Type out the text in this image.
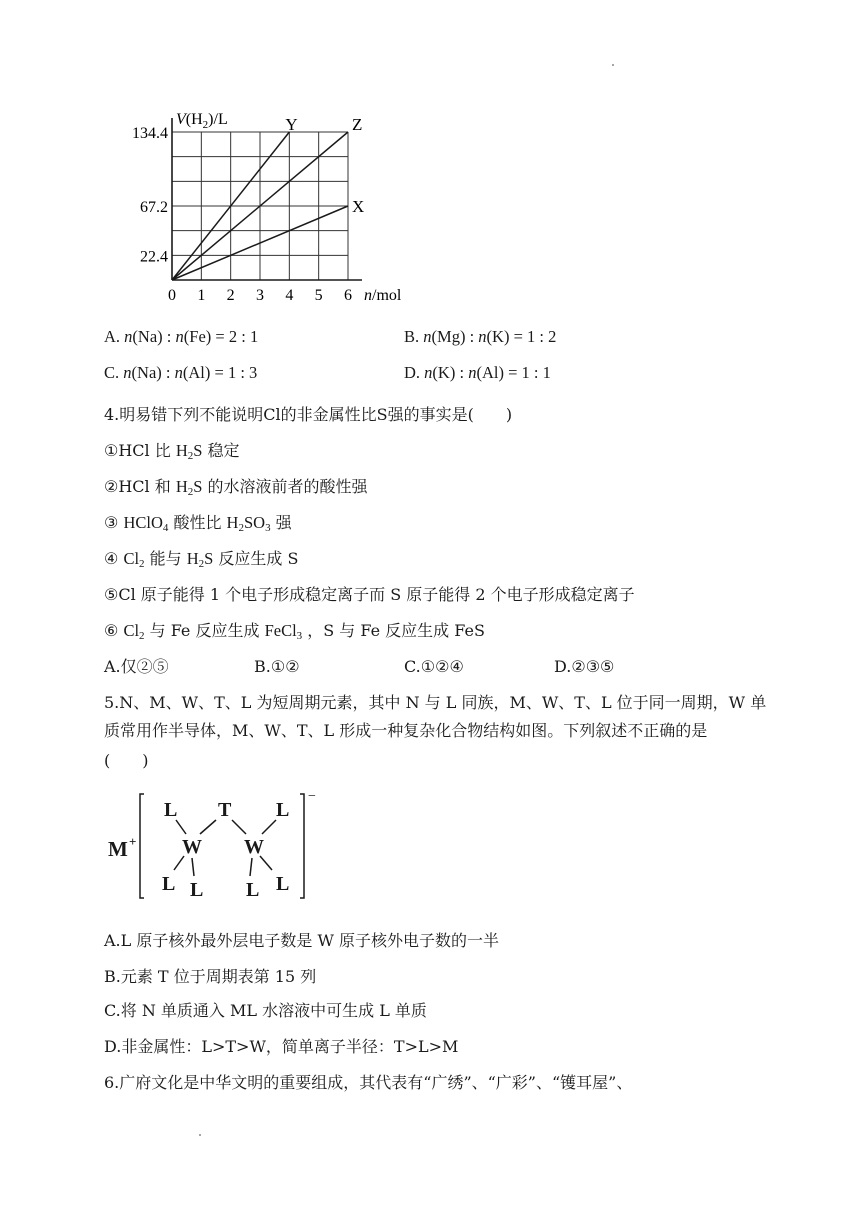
0 1 2 3 4 5 6
134.4
67.2
22.4
Y	Z
X
$V(H_2)/L$
n/mol
A. n(Na) : n(Fe) = 2 : 1	B. n(Mg) : n(K) = 1 : 2
C. n(Na) : n(Al) = 1 : 3	D. n(K) : n(Al) = 1 : 1
4.明易错下列不能说明Cl的非金属性比S强的事实是(　　)
①HCl 比 $H_2S$ 稳定
②HCl 和 $H_2S$ 的水溶液前者的酸性强
③ HClO$_4$ 酸性比 $H_2SO_3$ 强
④ $Cl_2$ 能与 $H_2S$ 反应生成 S
⑤Cl 原子能得 1 个电子形成稳定离子而 S 原子能得 2 个电子形成稳定离子
⑥ $Cl_2$ 与 Fe 反应生成 FeCl$_3$ ，S 与 Fe 反应生成 FeS
A.仅②⑤	B.①②	C.①②④	D.②③⑤
5.N、M、W、T、L 为短周期元素，其中 N 与 L 同族，M、W、T、L 位于同一周期，W 单
质常用作半导体，M、W、T、L 形成一种复杂化合物结构如图。下列叙述不正确的是
(　　)
M +
L T L
W W
L L L L
−
A.L 原子核外最外层电子数是 W 原子核外电子数的一半
B.元素 T 位于周期表第 15 列
C.将 N 单质通入 ML 水溶液中可生成 L 单质
D.非金属性：L>T>W，简单离子半径：T>L>M
6.广府文化是中华文明的重要组成，其代表有“广绣”、“广彩”、“镬耳屋”、
